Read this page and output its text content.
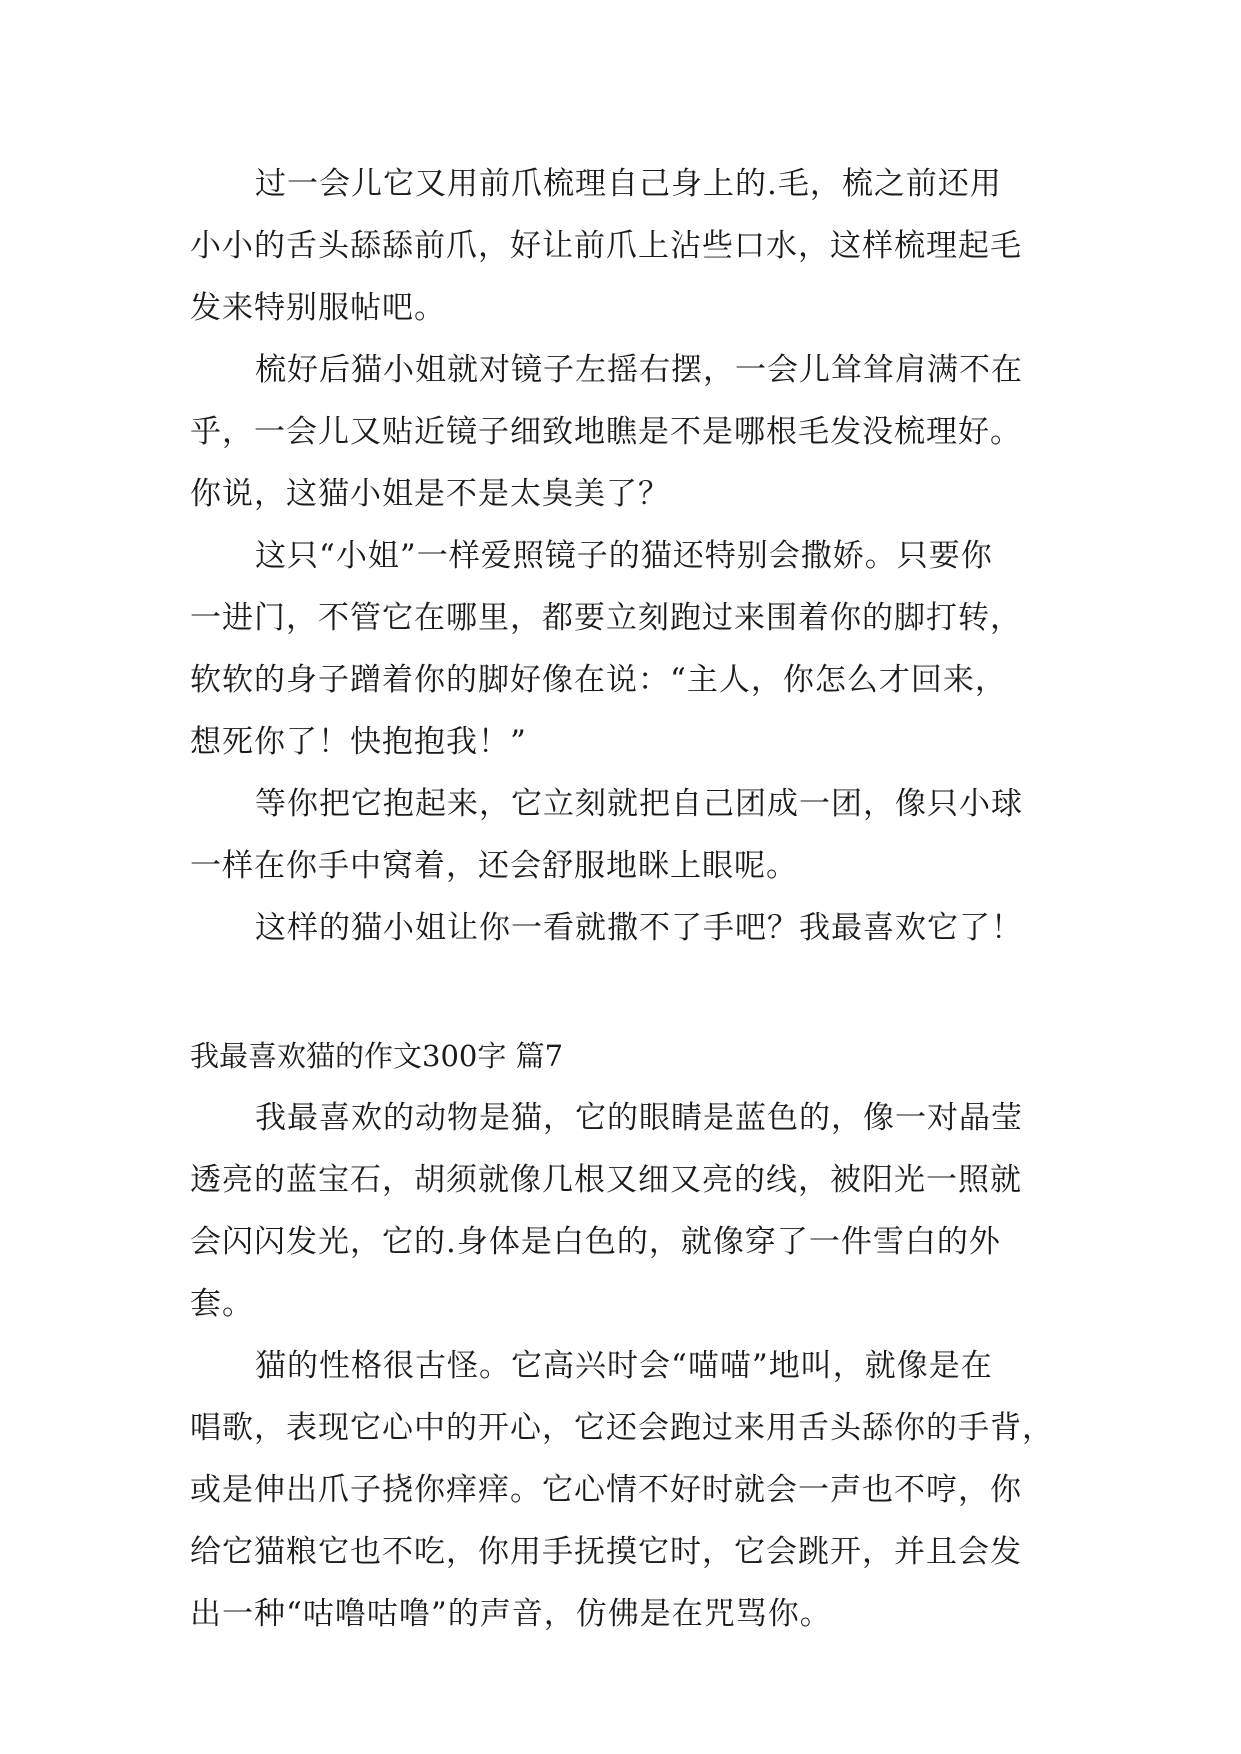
过一会儿它又用前爪梳理自己身上的.毛，梳之前还用
小小的舌头舔舔前爪，好让前爪上沾些口水，这样梳理起毛
发来特别服帖吧。
梳好后猫小姐就对镜子左摇右摆，一会儿耸耸肩满不在
乎，一会儿又贴近镜子细致地瞧是不是哪根毛发没梳理好。
你说，这猫小姐是不是太臭美了？
这只“小姐”一样爱照镜子的猫还特别会撒娇。只要你
一进门，不管它在哪里，都要立刻跑过来围着你的脚打转，
软软的身子蹭着你的脚好像在说：“主人，你怎么才回来，
想死你了！快抱抱我！”
等你把它抱起来，它立刻就把自己团成一团，像只小球
一样在你手中窝着，还会舒服地眯上眼呢。
这样的猫小姐让你一看就撒不了手吧？我最喜欢它了！
我最喜欢猫的作文300字 篇7
我最喜欢的动物是猫，它的眼睛是蓝色的，像一对晶莹
透亮的蓝宝石，胡须就像几根又细又亮的线，被阳光一照就
会闪闪发光，它的.身体是白色的，就像穿了一件雪白的外
套。
猫的性格很古怪。它高兴时会“喵喵”地叫，就像是在
唱歌，表现它心中的开心，它还会跑过来用舌头舔你的手背，
或是伸出爪子挠你痒痒。它心情不好时就会一声也不哼，你
给它猫粮它也不吃，你用手抚摸它时，它会跳开，并且会发
出一种“咕噜咕噜”的声音，仿佛是在咒骂你。
